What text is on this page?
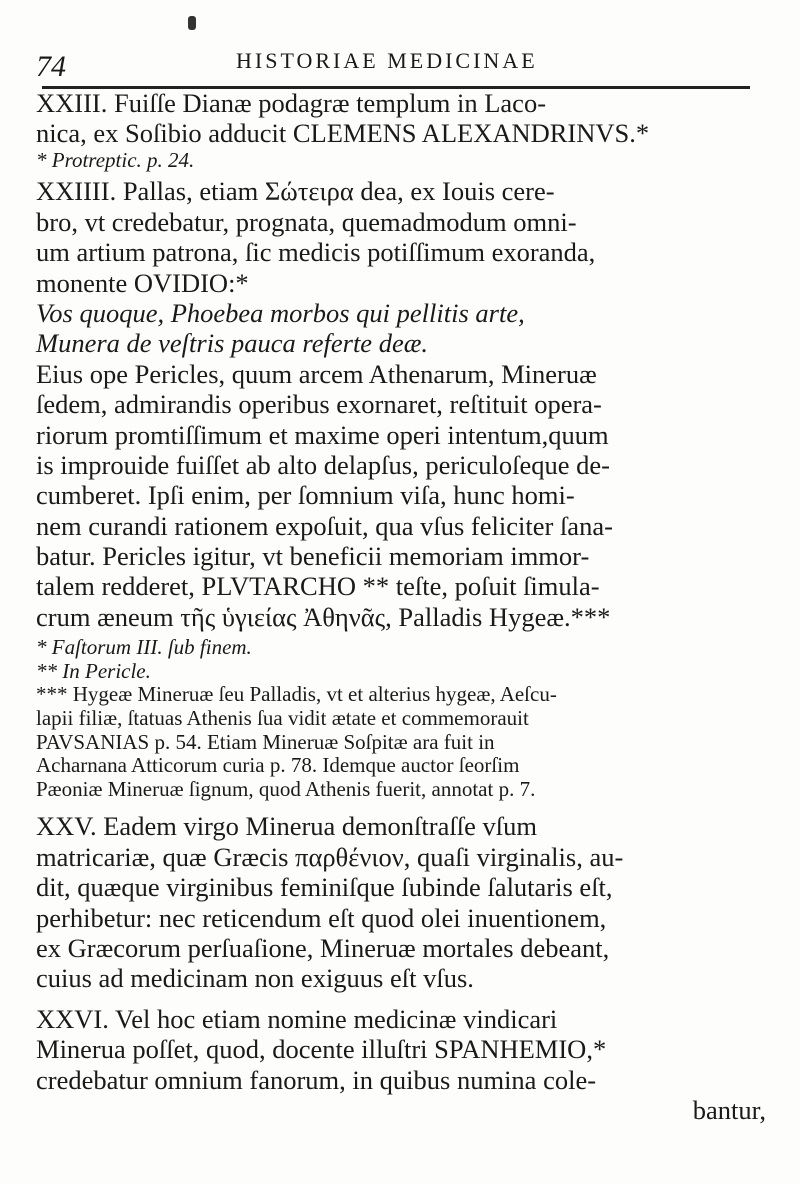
74	HISTORIAE MEDICINAE
XXIII. Fuiſſe Dianæ podagræ templum in Laco-
nica, ex Soſibio adducit CLEMENS ALEXANDRINVS.*
* Protreptic. p. 24.
XXIIII. Pallas, etiam Σώτειρα dea, ex Iouis cere-
bro, vt credebatur, prognata, quemadmodum omni-
um artium patrona, ſic medicis potiſſimum exoranda,
monente OVIDIO:*
Vos quoque, Phoebea morbos qui pellitis arte,
Munera de veſtris pauca referte deæ.
Eius ope Pericles, quum arcem Athenarum, Mineruæ
ſedem, admirandis operibus exornaret, reſtituit opera-
riorum promtiſſimum et maxime operi intentum,quum
is improuide fuiſſet ab alto delapſus, periculoſeque de-
cumberet. Ipſi enim, per ſomnium viſa, hunc homi-
nem curandi rationem expoſuit, qua vſus feliciter ſana-
batur. Pericles igitur, vt beneficii memoriam immor-
talem redderet, PLVTARCHO ** teſte, poſuit ſimula-
crum æneum τῆς ὑγιείας Ἀθηνᾶς, Palladis Hygeæ.***
* Faſtorum III. ſub finem.
** In Pericle.
*** Hygeæ Mineruæ ſeu Palladis, vt et alterius hygeæ, Aeſcu-
lapii filiæ, ſtatuas Athenis ſua vidit ætate et commemorauit
PAVSANIAS p. 54. Etiam Mineruæ Soſpitæ ara fuit in
Acharnana Atticorum curia p. 78. Idemque auctor ſeorſim
Pæoniæ Mineruæ ſignum, quod Athenis fuerit, annotat p. 7.
XXV. Eadem virgo Minerua demonſtraſſe vſum
matricariæ, quæ Græcis παρθένιον, quaſi virginalis, au-
dit, quæque virginibus feminiſque ſubinde ſalutaris eſt,
perhibetur: nec reticendum eſt quod olei inuentionem,
ex Græcorum perſuaſione, Mineruæ mortales debeant,
cuius ad medicinam non exiguus eſt vſus.
XXVI. Vel hoc etiam nomine medicinæ vindicari
Minerua poſſet, quod, docente illuſtri SPANHEMIO,*
credebatur omnium fanorum, in quibus numina cole-
bantur,
